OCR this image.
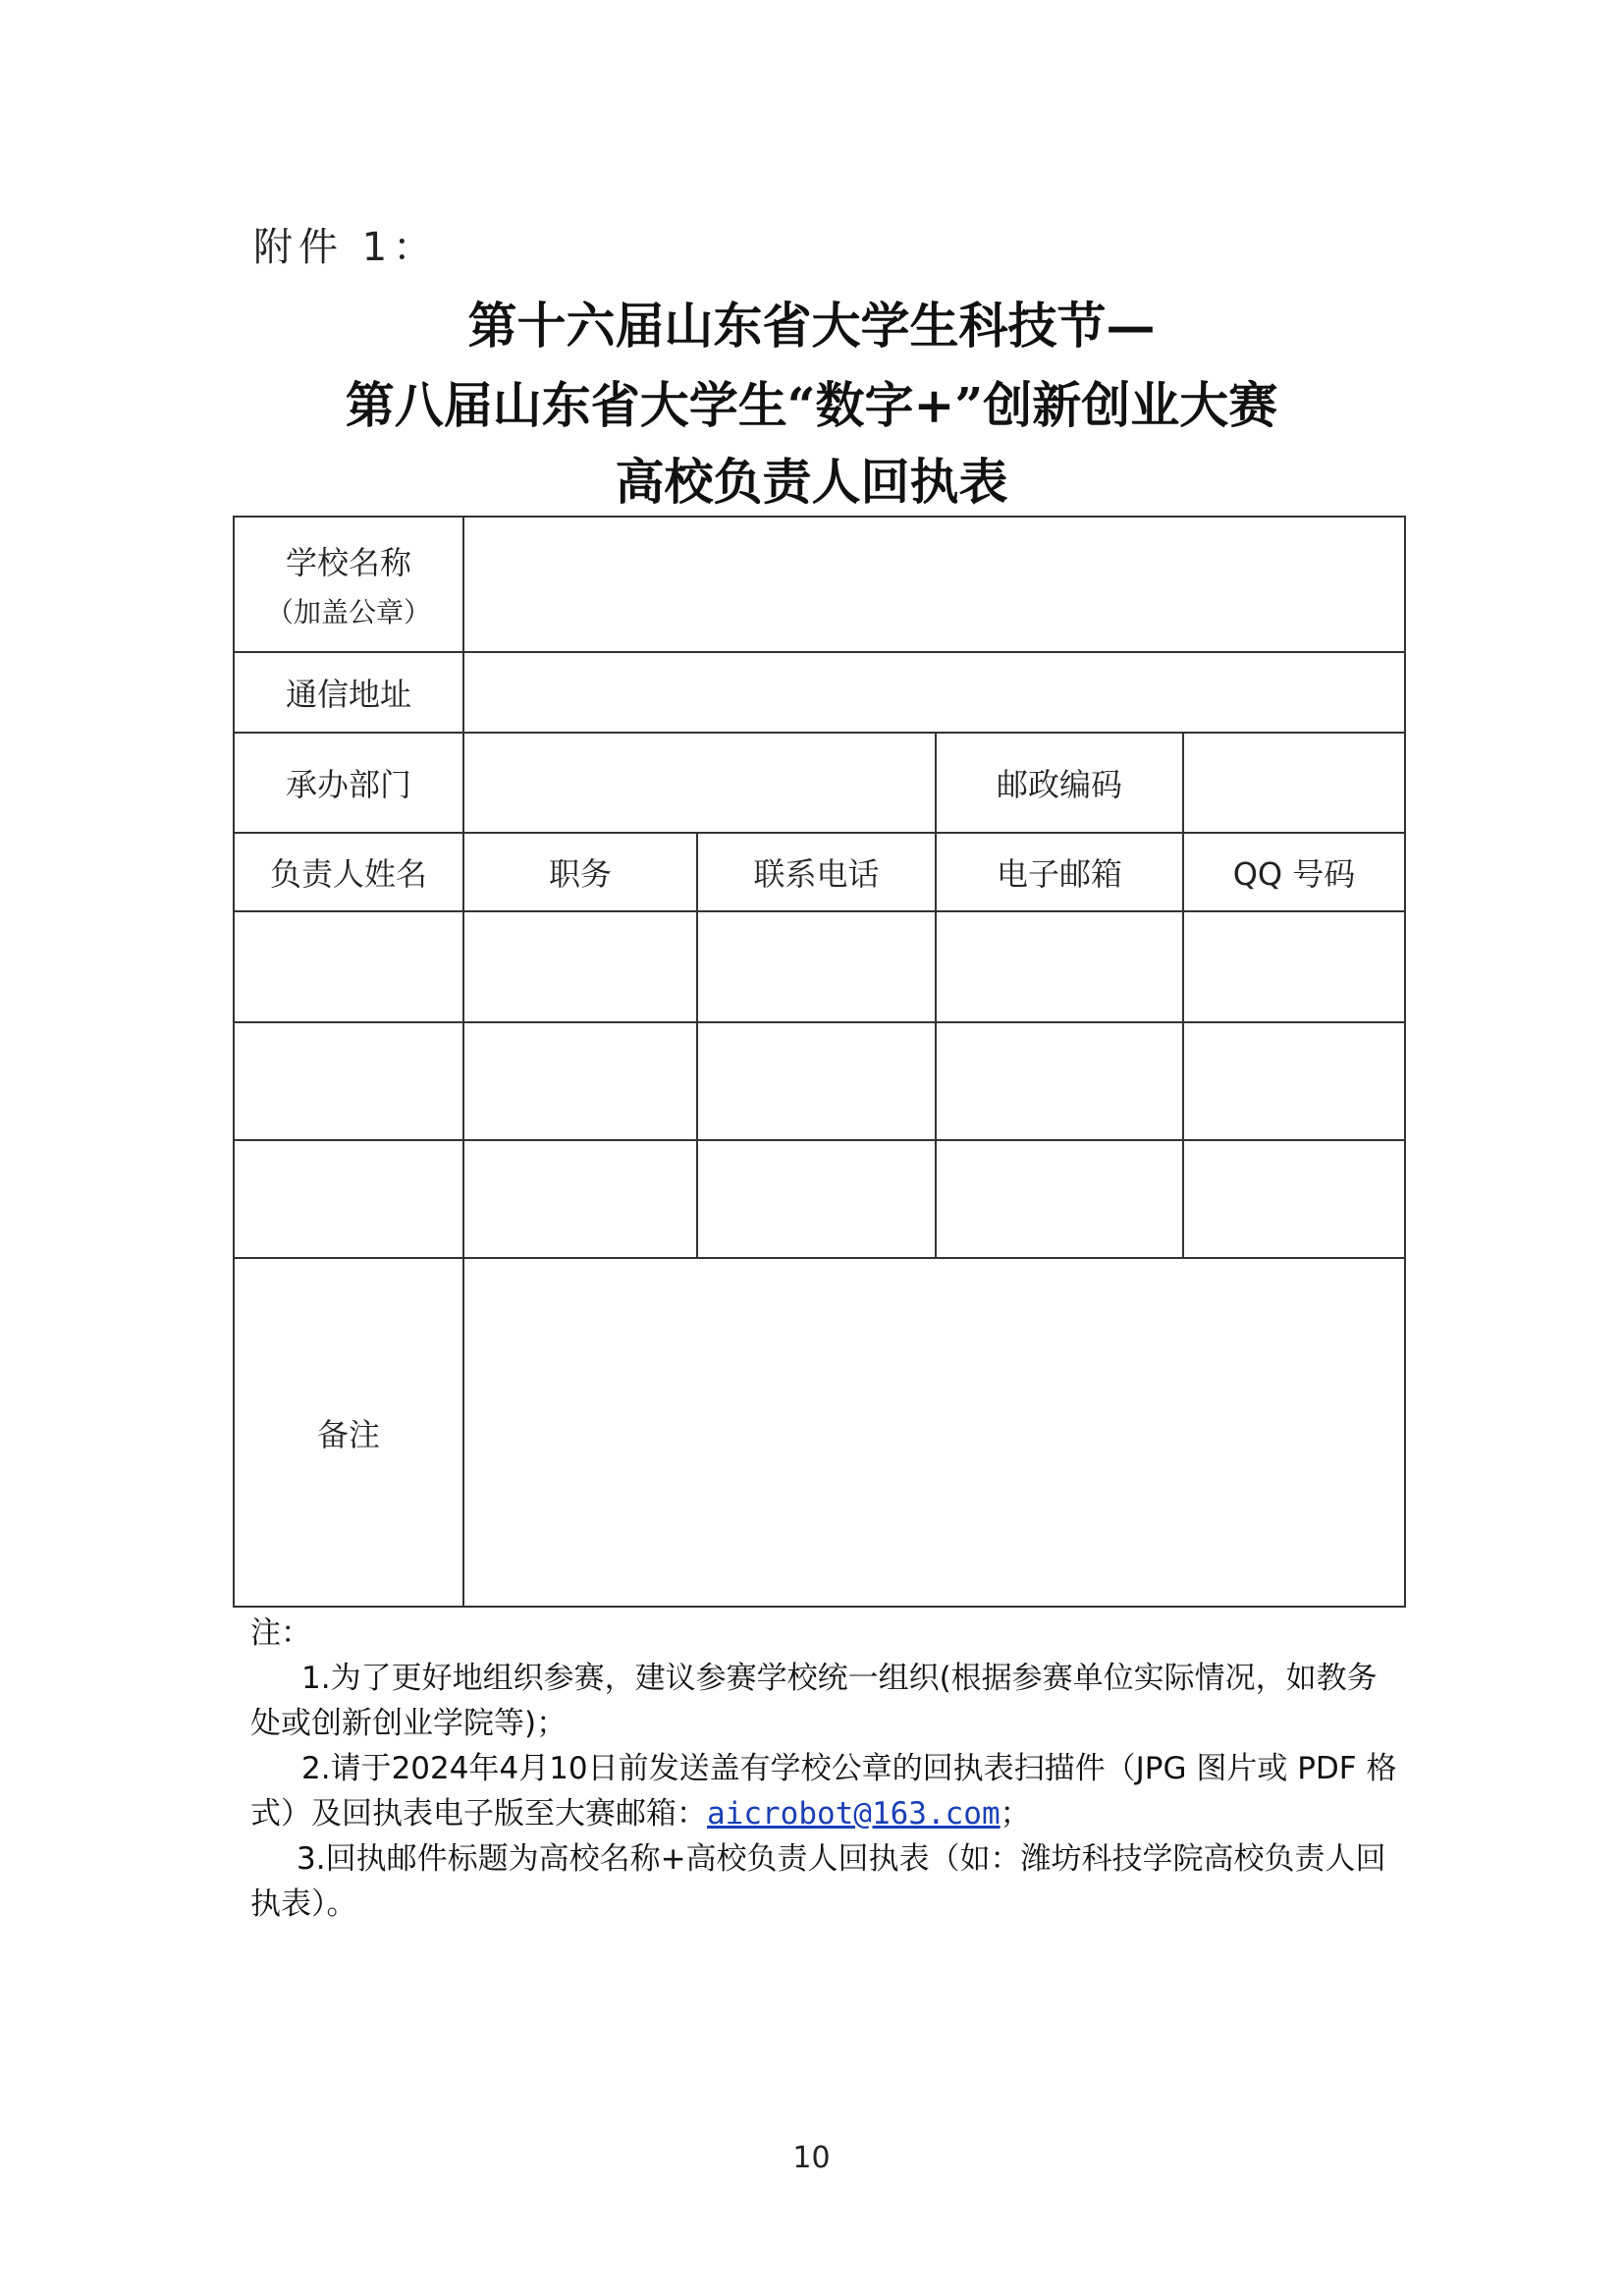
附件 1：
第十六届山东省大学生科技节—
第八届山东省大学生“数字+”创新创业大赛
高校负责人回执表
学校名称
（加盖公章）				

通信地址				
承办部门			邮政编码	
负责人姓名	职务	联系电话	电子邮箱	QQ 号码

备注				

注：

1.为了更好地组织参赛，建议参赛学校统一组织(根据参赛单位实际情况，如教务处或创新创业学院等)；

2.请于2024年4月10日前发送盖有学校公章的回执表扫描件（JPG 图片或 PDF 格式）及回执表电子版至大赛邮箱：aicrobot@163.com；

3.回执邮件标题为高校名称+高校负责人回执表（如：潍坊科技学院高校负责人回执表）。

10
